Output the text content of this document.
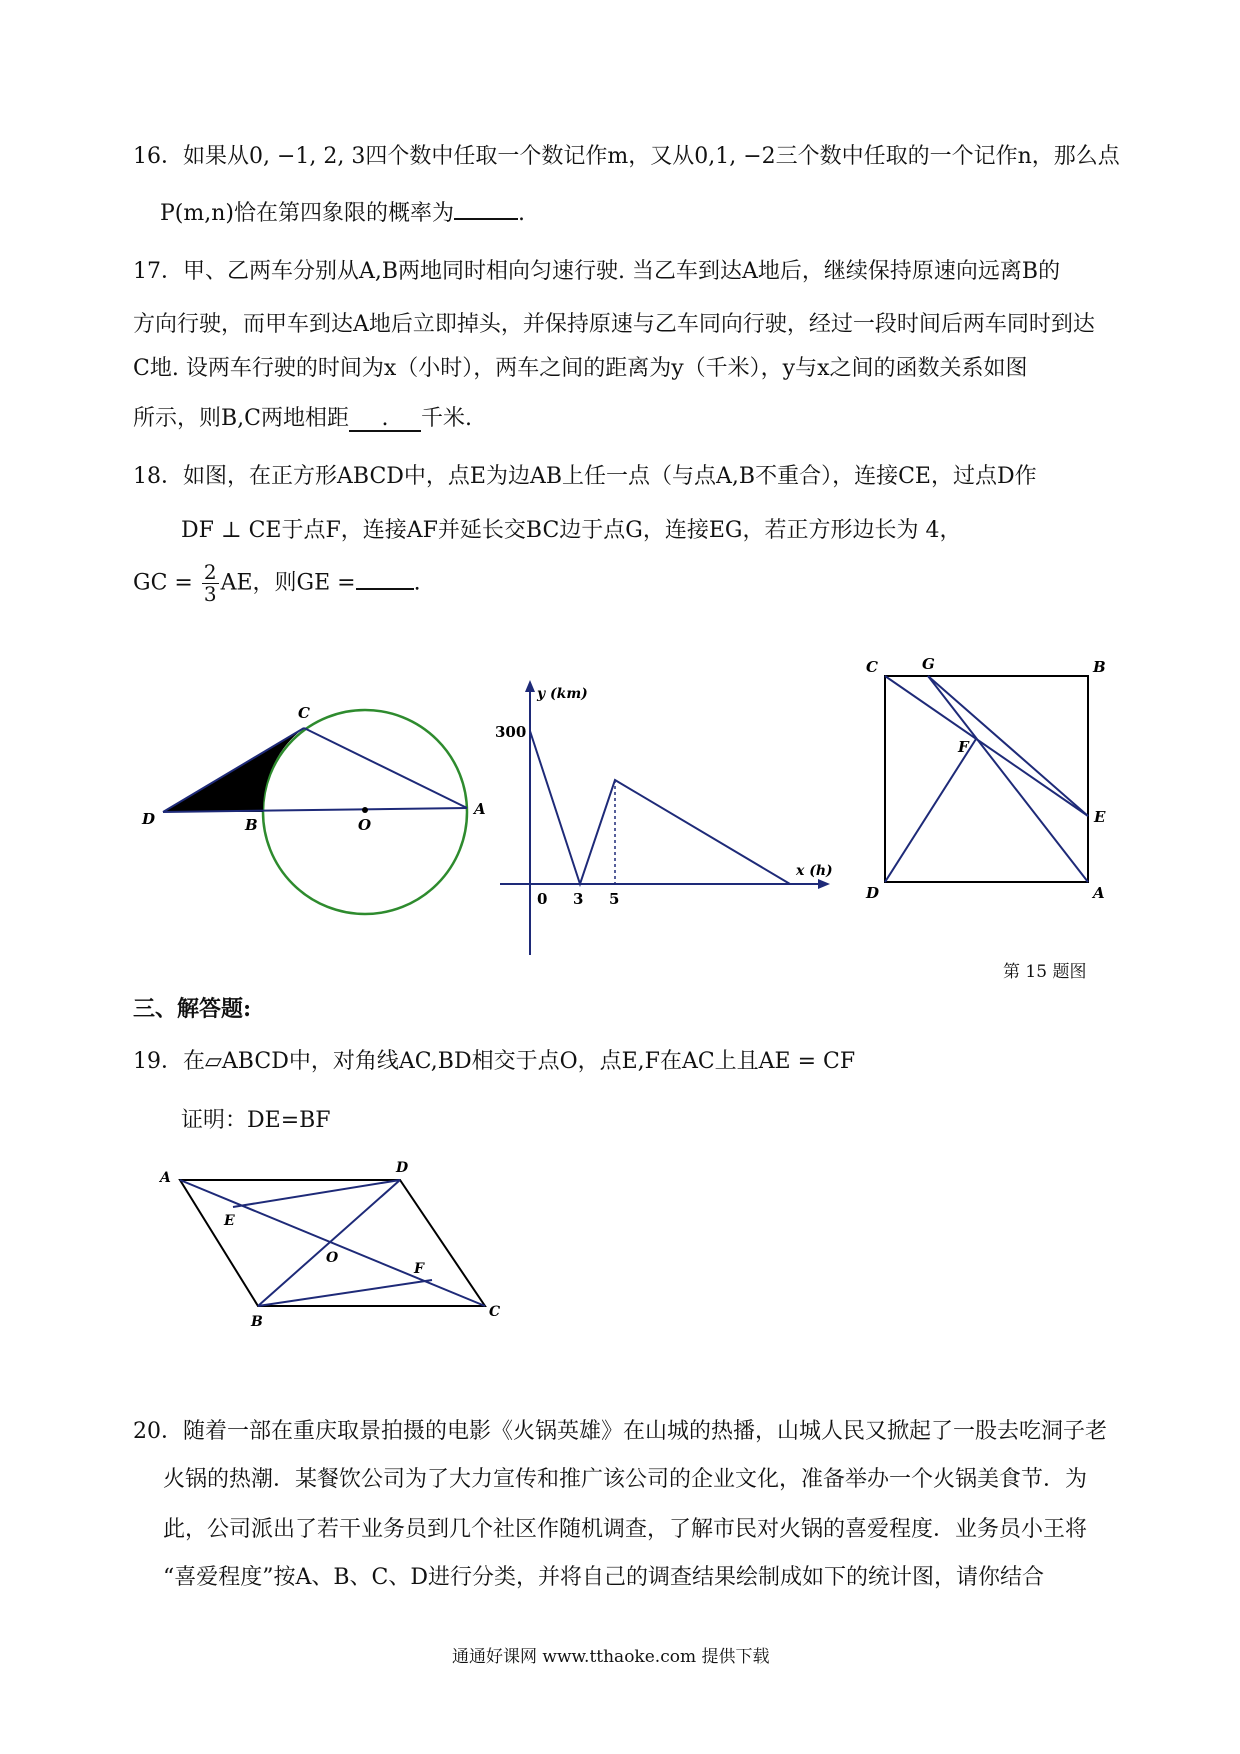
16．如果从0, −1, 2, 3四个数中任取一个数记作m，又从0,1, −2三个数中任取的一个记作n，那么点
P(m,n)恰在第四象限的概率为	.
17．甲、乙两车分别从A,B两地同时相向匀速行驶. 当乙车到达A地后，继续保持原速向远离B的
方向行驶，而甲车到达A地后立即掉头，并保持原速与乙车同向行驶，经过一段时间后两车同时到达
C地. 设两车行驶的时间为x（小时），两车之间的距离为y（千米），y与x之间的函数关系如图
所示，则B,C两地相距.千米.
18．如图，在正方形ABCD中，点E为边AB上任一点（与点A,B不重合），连接CE，过点D作
DF ⊥ CE于点F，连接AF并延长交BC边于点G，连接EG，若正方形边长为 4，
GC = $\frac{2}{3}$ AE，则GE =	.
C
D	B	O
A
y (km)
x (h)
300
0 3 5
C	G	B
F
E
D	A
A
D
E
O
F
B
C
第 15 题图
三、解答题:
19．在▱ABCD中，对角线AC,BD相交于点O，点E,F在AC上且AE = CF
证明：DE=BF
20．随着一部在重庆取景拍摄的电影《火锅英雄》在山城的热播，山城人民又掀起了一股去吃洞子老
火锅的热潮．某餐饮公司为了大力宣传和推广该公司的企业文化，准备举办一个火锅美食节．为
此，公司派出了若干业务员到几个社区作随机调查，了解市民对火锅的喜爱程度．业务员小王将
“喜爱程度”按A、B、C、D进行分类，并将自己的调查结果绘制成如下的统计图，请你结合
通通好课网 www.tthaoke.com 提供下载
